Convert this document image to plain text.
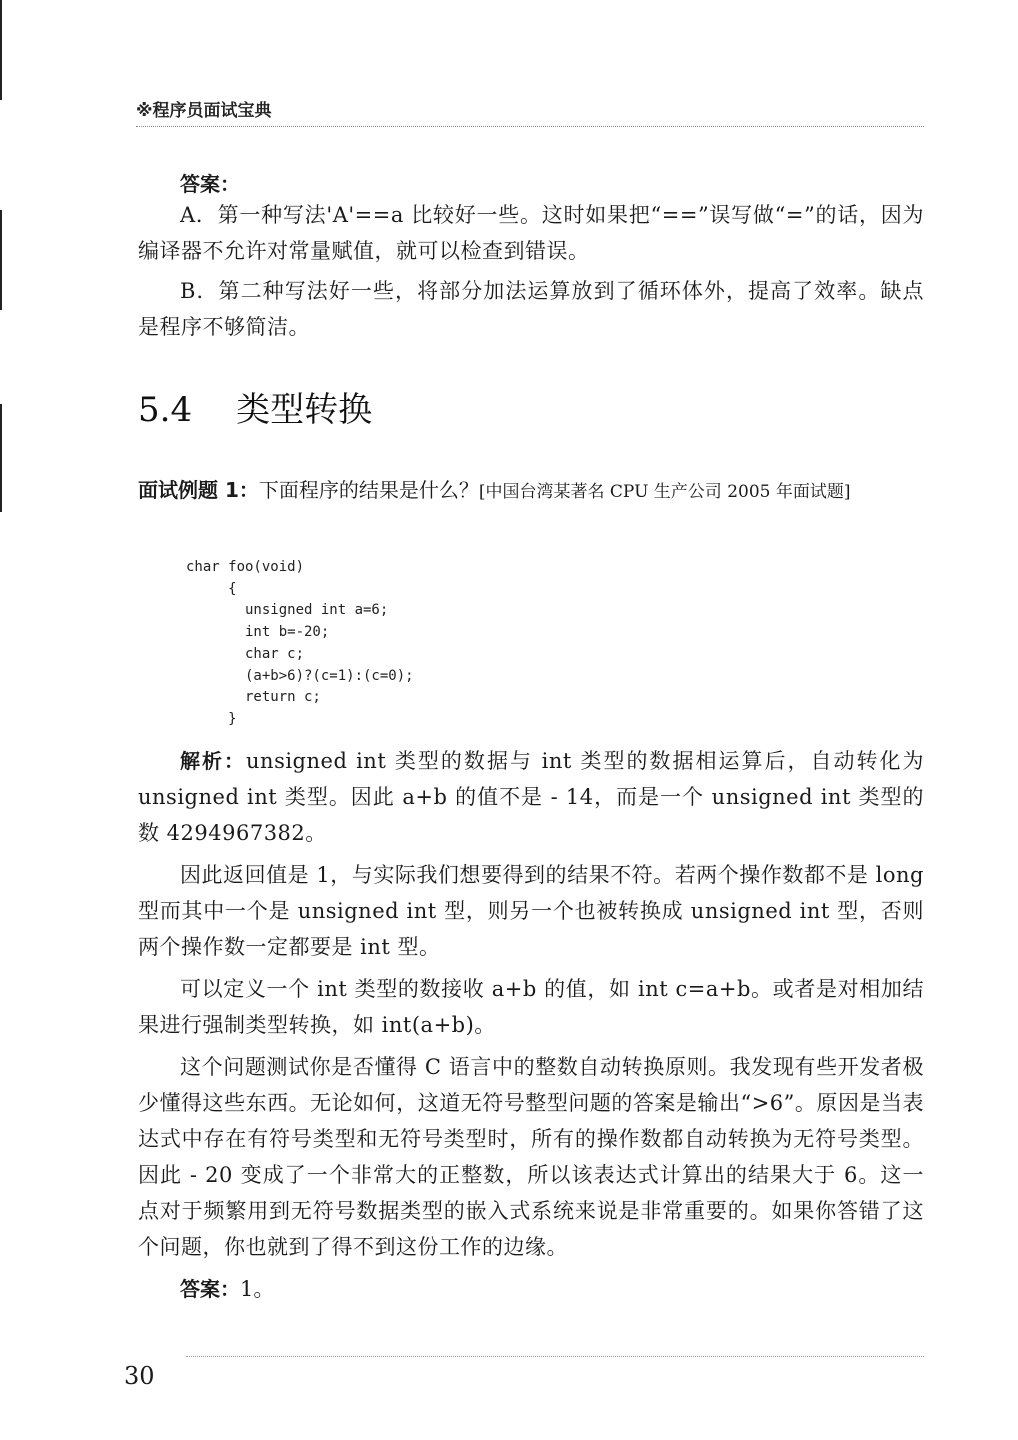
※程序员面试宝典

答案：

A．第一种写法'A'==a 比较好一些。这时如果把“==”误写做“=”的话，因为编译器不允许对常量赋值，就可以检查到错误。

B．第二种写法好一些，将部分加法运算放到了循环体外，提高了效率。缺点是程序不够简洁。

5.4 类型转换

面试例题 1：下面程序的结果是什么？[中国台湾某著名 CPU 生产公司 2005 年面试题]

char foo(void)
{
unsigned int a=6;
int b=-20;
char c;
(a+b>6)?(c=1):(c=0);
return c;
}

解析：unsigned int 类型的数据与 int 类型的数据相运算后，自动转化为 unsigned int 类型。因此 a+b 的值不是 - 14，而是一个 unsigned int 类型的数 4294967382。

因此返回值是 1，与实际我们想要得到的结果不符。若两个操作数都不是 long 型而其中一个是 unsigned int 型，则另一个也被转换成 unsigned int 型，否则两个操作数一定都要是 int 型。

可以定义一个 int 类型的数接收 a+b 的值，如 int c=a+b。或者是对相加结果进行强制类型转换，如 int(a+b)。

这个问题测试你是否懂得 C 语言中的整数自动转换原则。我发现有些开发者极少懂得这些东西。无论如何，这道无符号整型问题的答案是输出“>6”。原因是当表达式中存在有符号类型和无符号类型时，所有的操作数都自动转换为无符号类型。因此 - 20 变成了一个非常大的正整数，所以该表达式计算出的结果大于 6。这一点对于频繁用到无符号数据类型的嵌入式系统来说是非常重要的。如果你答错了这个问题，你也就到了得不到这份工作的边缘。

答案：1。

30
